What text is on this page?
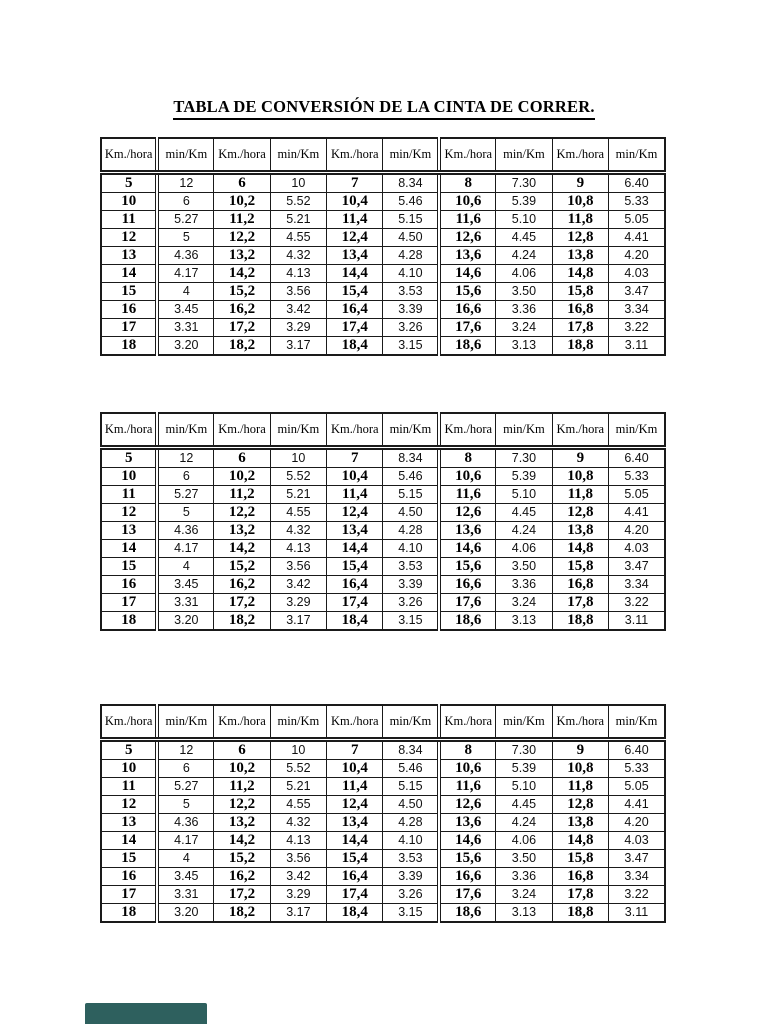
TABLA DE CONVERSIÓN DE LA CINTA DE CORRER.
Km./hora	min/Km	Km./hora	min/Km	Km./hora	min/Km	Km./hora	min/Km	Km./hora	min/Km
5	12	6	10	7	8.34	8	7.30	9	6.40
10	6	10,2	5.52	10,4	5.46	10,6	5.39	10,8	5.33
11	5.27	11,2	5.21	11,4	5.15	11,6	5.10	11,8	5.05
12	5	12,2	4.55	12,4	4.50	12,6	4.45	12,8	4.41
13	4.36	13,2	4.32	13,4	4.28	13,6	4.24	13,8	4.20
14	4.17	14,2	4.13	14,4	4.10	14,6	4.06	14,8	4.03
15	4	15,2	3.56	15,4	3.53	15,6	3.50	15,8	3.47
16	3.45	16,2	3.42	16,4	3.39	16,6	3.36	16,8	3.34
17	3.31	17,2	3.29	17,4	3.26	17,6	3.24	17,8	3.22
18	3.20	18,2	3.17	18,4	3.15	18,6	3.13	18,8	3.11
Km./hora	min/Km	Km./hora	min/Km	Km./hora	min/Km	Km./hora	min/Km	Km./hora	min/Km
5	12	6	10	7	8.34	8	7.30	9	6.40
10	6	10,2	5.52	10,4	5.46	10,6	5.39	10,8	5.33
11	5.27	11,2	5.21	11,4	5.15	11,6	5.10	11,8	5.05
12	5	12,2	4.55	12,4	4.50	12,6	4.45	12,8	4.41
13	4.36	13,2	4.32	13,4	4.28	13,6	4.24	13,8	4.20
14	4.17	14,2	4.13	14,4	4.10	14,6	4.06	14,8	4.03
15	4	15,2	3.56	15,4	3.53	15,6	3.50	15,8	3.47
16	3.45	16,2	3.42	16,4	3.39	16,6	3.36	16,8	3.34
17	3.31	17,2	3.29	17,4	3.26	17,6	3.24	17,8	3.22
18	3.20	18,2	3.17	18,4	3.15	18,6	3.13	18,8	3.11
Km./hora	min/Km	Km./hora	min/Km	Km./hora	min/Km	Km./hora	min/Km	Km./hora	min/Km
5	12	6	10	7	8.34	8	7.30	9	6.40
10	6	10,2	5.52	10,4	5.46	10,6	5.39	10,8	5.33
11	5.27	11,2	5.21	11,4	5.15	11,6	5.10	11,8	5.05
12	5	12,2	4.55	12,4	4.50	12,6	4.45	12,8	4.41
13	4.36	13,2	4.32	13,4	4.28	13,6	4.24	13,8	4.20
14	4.17	14,2	4.13	14,4	4.10	14,6	4.06	14,8	4.03
15	4	15,2	3.56	15,4	3.53	15,6	3.50	15,8	3.47
16	3.45	16,2	3.42	16,4	3.39	16,6	3.36	16,8	3.34
17	3.31	17,2	3.29	17,4	3.26	17,6	3.24	17,8	3.22
18	3.20	18,2	3.17	18,4	3.15	18,6	3.13	18,8	3.11
